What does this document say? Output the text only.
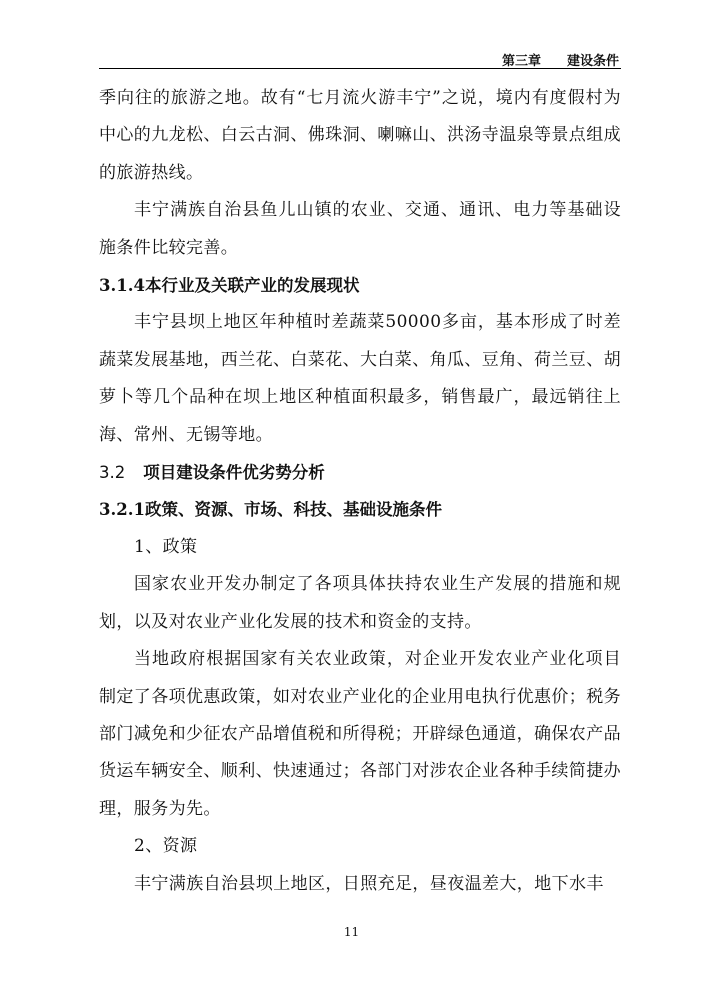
第三章 建设条件

季向往的旅游之地。故有“七月流火游丰宁”之说，境内有度假村为中心的九龙松、白云古洞、佛珠洞、喇嘛山、洪汤寺温泉等景点组成的旅游热线。

丰宁满族自治县鱼儿山镇的农业、交通、通讯、电力等基础设施条件比较完善。

3.1.4本行业及关联产业的发展现状

丰宁县坝上地区年种植时差蔬菜50000多亩，基本形成了时差蔬菜发展基地，西兰花、白菜花、大白菜、角瓜、豆角、荷兰豆、胡萝卜等几个品种在坝上地区种植面积最多，销售最广，最远销往上海、常州、无锡等地。

3.2 项目建设条件优劣势分析
3.2.1政策、资源、市场、科技、基础设施条件

1、政策

国家农业开发办制定了各项具体扶持农业生产发展的措施和规划，以及对农业产业化发展的技术和资金的支持。

当地政府根据国家有关农业政策，对企业开发农业产业化项目制定了各项优惠政策，如对农业产业化的企业用电执行优惠价；税务部门减免和少征农产品增值税和所得税；开辟绿色通道，确保农产品货运车辆安全、顺利、快速通过；各部门对涉农企业各种手续简捷办理，服务为先。

2、资源

丰宁满族自治县坝上地区，日照充足，昼夜温差大，地下水丰

11
